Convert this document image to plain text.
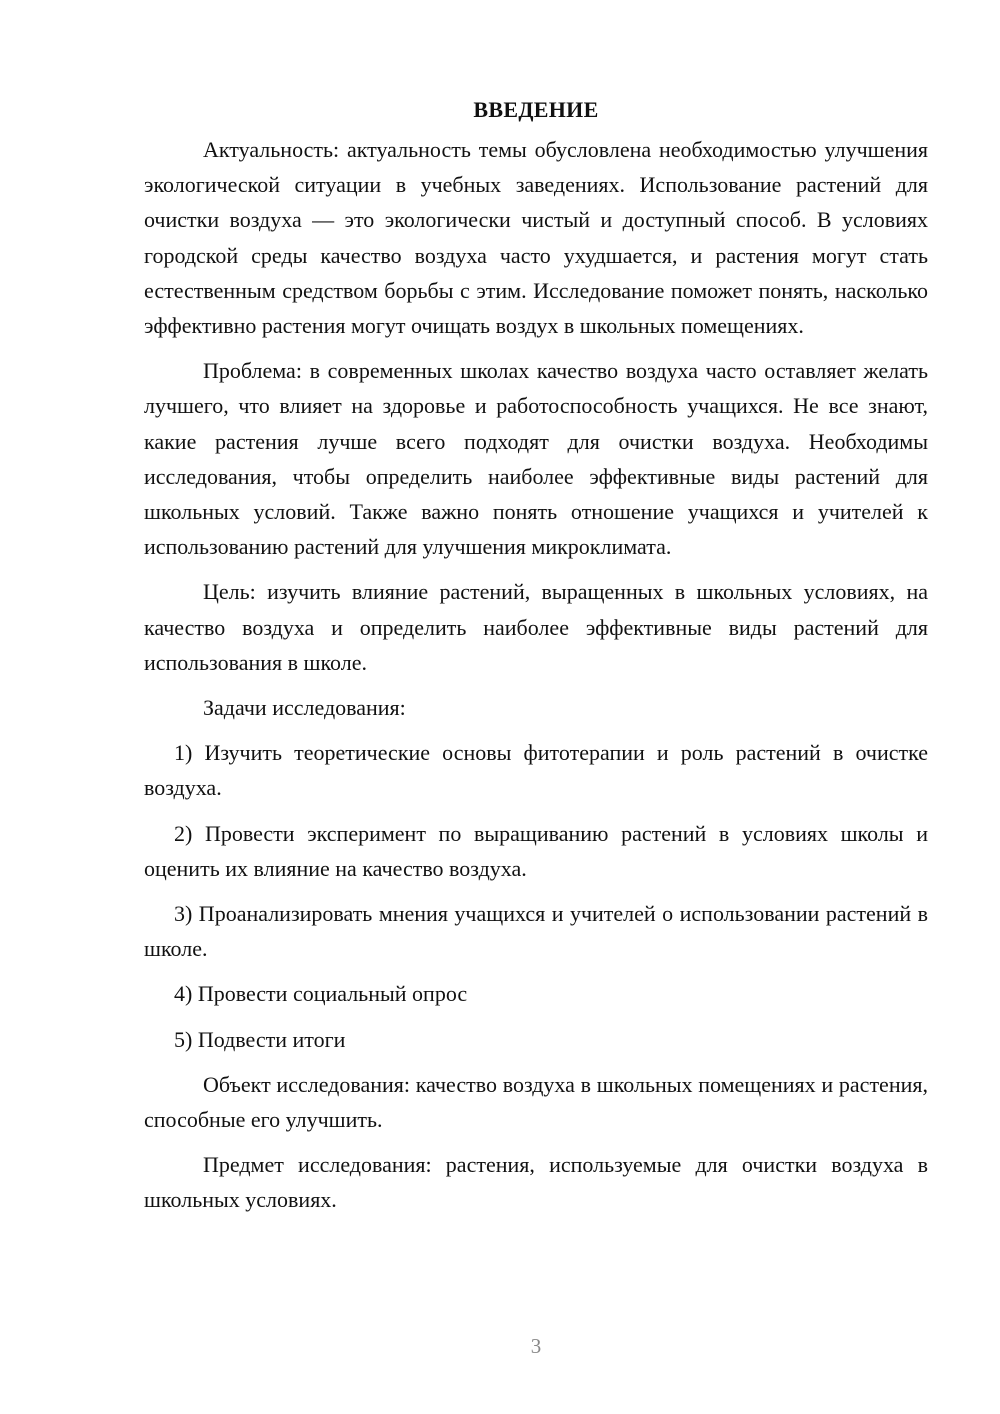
ВВЕДЕНИЕ

Актуальность: актуальность темы обусловлена необходимостью улучшения экологической ситуации в учебных заведениях. Использование растений для очистки воздуха — это экологически чистый и доступный способ. В условиях городской среды качество воздуха часто ухудшается, и растения могут стать естественным средством борьбы с этим. Исследование поможет понять, насколько эффективно растения могут очищать воздух в школьных помещениях.

Проблема: в современных школах качество воздуха часто оставляет желать лучшего, что влияет на здоровье и работоспособность учащихся. Не все знают, какие растения лучше всего подходят для очистки воздуха. Необходимы исследования, чтобы определить наиболее эффективные виды растений для школьных условий. Также важно понять отношение учащихся и учителей к использованию растений для улучшения микроклимата.

Цель: изучить влияние растений, выращенных в школьных условиях, на качество воздуха и определить наиболее эффективные виды растений для использования в школе.

Задачи исследования:

1) Изучить теоретические основы фитотерапии и роль растений в очистке воздуха.

2) Провести эксперимент по выращиванию растений в условиях школы и оценить их влияние на качество воздуха.

3) Проанализировать мнения учащихся и учителей о использовании растений в школе.

4) Провести социальный опрос

5) Подвести итоги

Объект исследования: качество воздуха в школьных помещениях и растения, способные его улучшить.

Предмет исследования: растения, используемые для очистки воздуха в школьных условиях.

3
